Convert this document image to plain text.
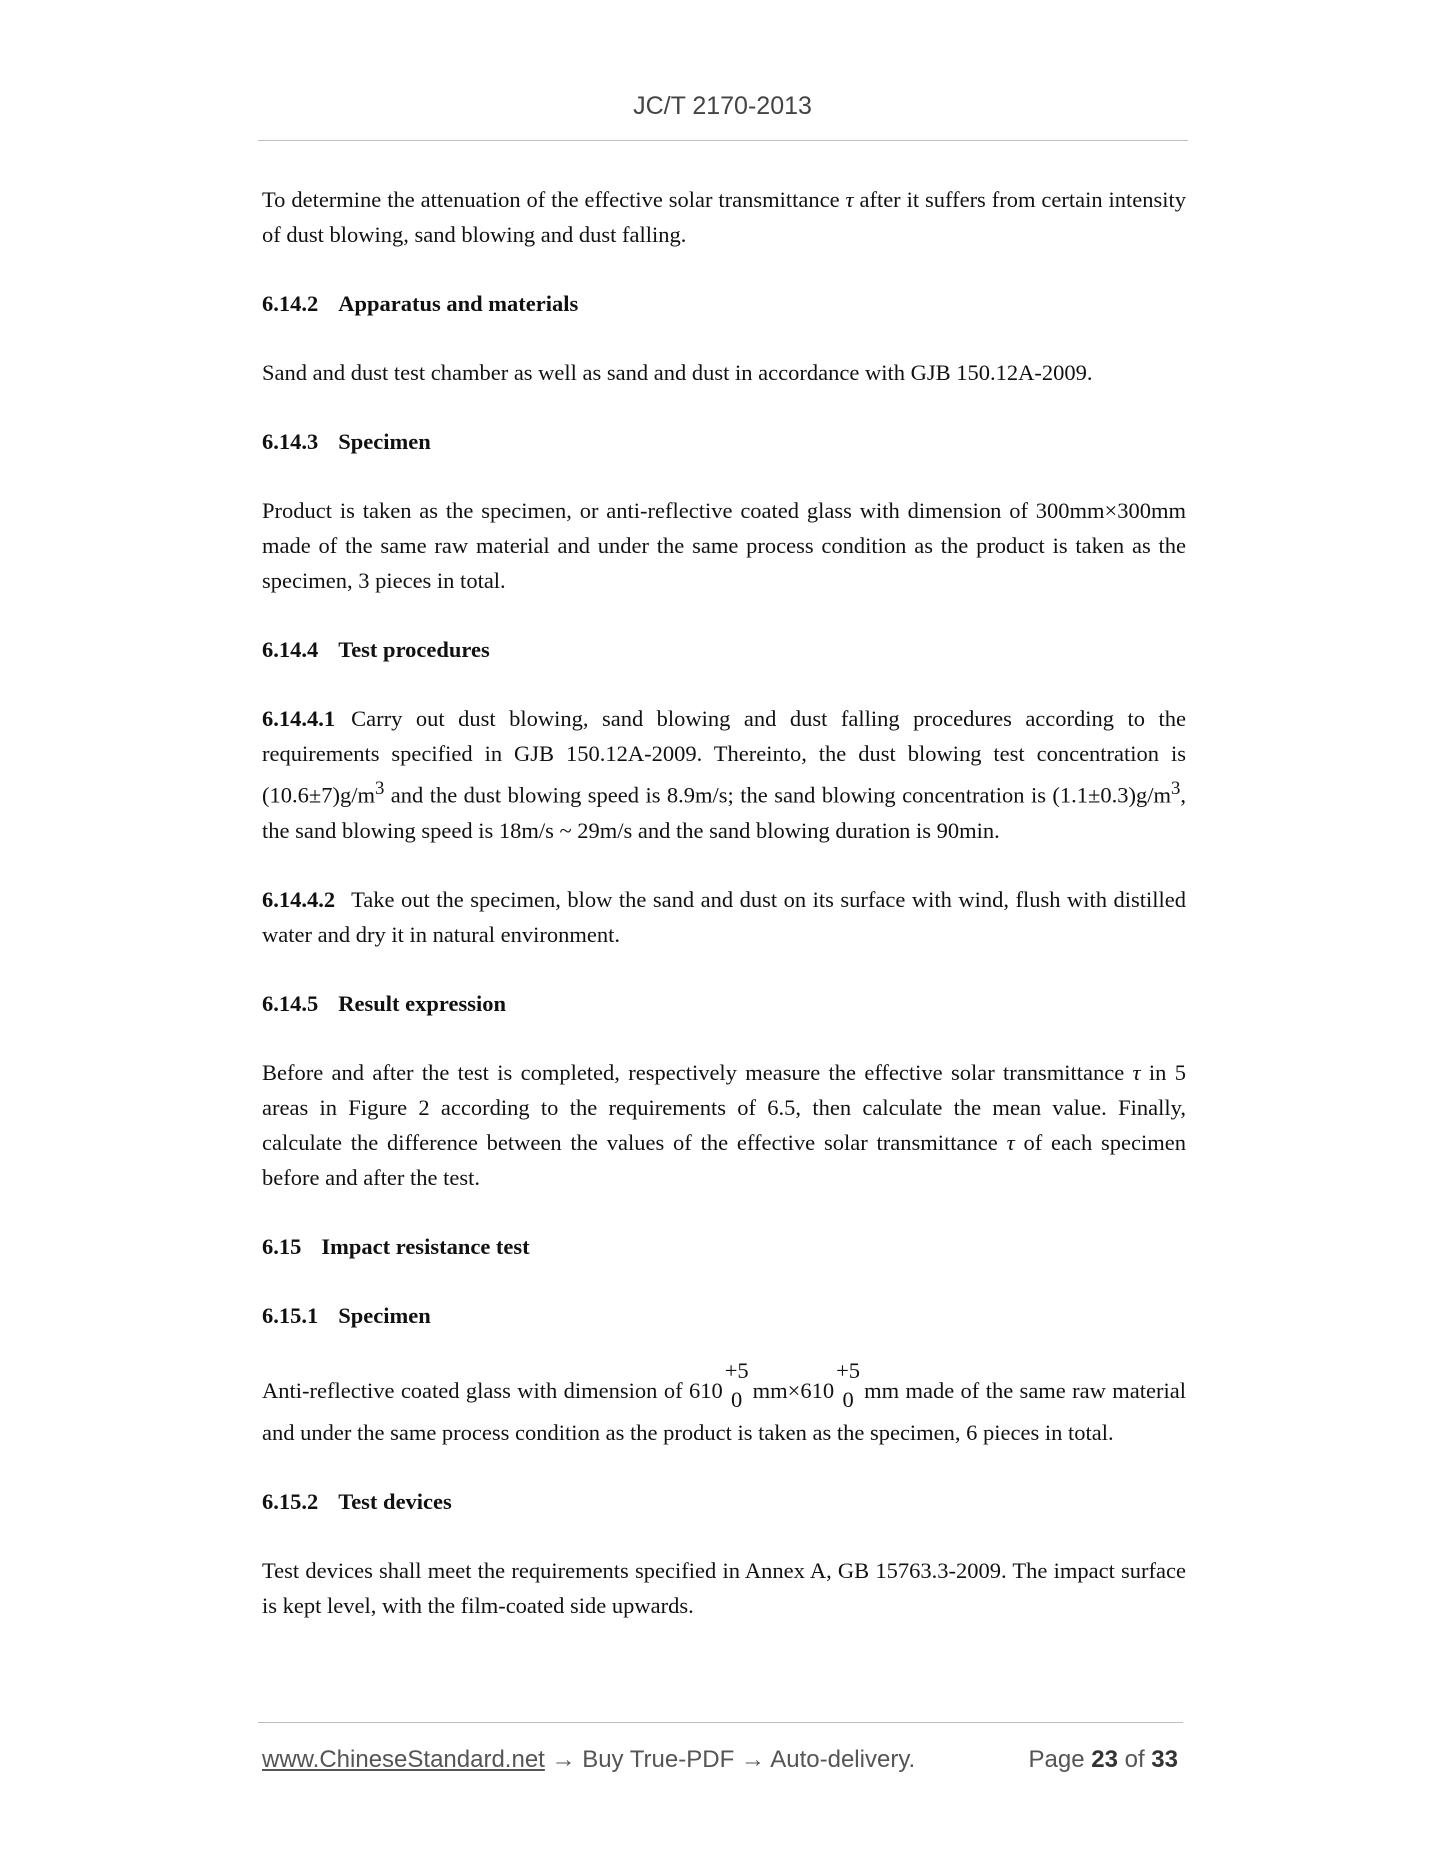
JC/T 2170-2013

To determine the attenuation of the effective solar transmittance τ after it suffers from certain intensity of dust blowing, sand blowing and dust falling.

6.14.2 Apparatus and materials

Sand and dust test chamber as well as sand and dust in accordance with GJB 150.12A-2009.

6.14.3 Specimen

Product is taken as the specimen, or anti-reflective coated glass with dimension of 300mm×300mm made of the same raw material and under the same process condition as the product is taken as the specimen, 3 pieces in total.

6.14.4 Test procedures

6.14.4.1 Carry out dust blowing, sand blowing and dust falling procedures according to the requirements specified in GJB 150.12A-2009. Thereinto, the dust blowing test concentration is $(10.6\pm 7)g/m^3$ and the dust blowing speed is 8.9m/s; the sand blowing concentration is $(1.1\pm 0.3)g/m^3$, the sand blowing speed is 18m/s ~ 29m/s and the sand blowing duration is 90min.

6.14.4.2 Take out the specimen, blow the sand and dust on its surface with wind, flush with distilled water and dry it in natural environment.

6.14.5 Result expression

Before and after the test is completed, respectively measure the effective solar transmittance τ in 5 areas in Figure 2 according to the requirements of 6.5, then calculate the mean value. Finally, calculate the difference between the values of the effective solar transmittance τ of each specimen before and after the test.

6.15 Impact resistance test
6.15.1 Specimen

Anti-reflective coated glass with dimension of 610
+5
0 mm×610
+5
0 mm made of the same raw material and under the same process condition as the product is taken as the specimen, 6 pieces in total.

6.15.2 Test devices

Test devices shall meet the requirements specified in Annex A, GB 15763.3-2009. The impact surface is kept level, with the film-coated side upwards.

www.ChineseStandard.net → Buy True-PDF → Auto-delivery.	Page 23 of 33
